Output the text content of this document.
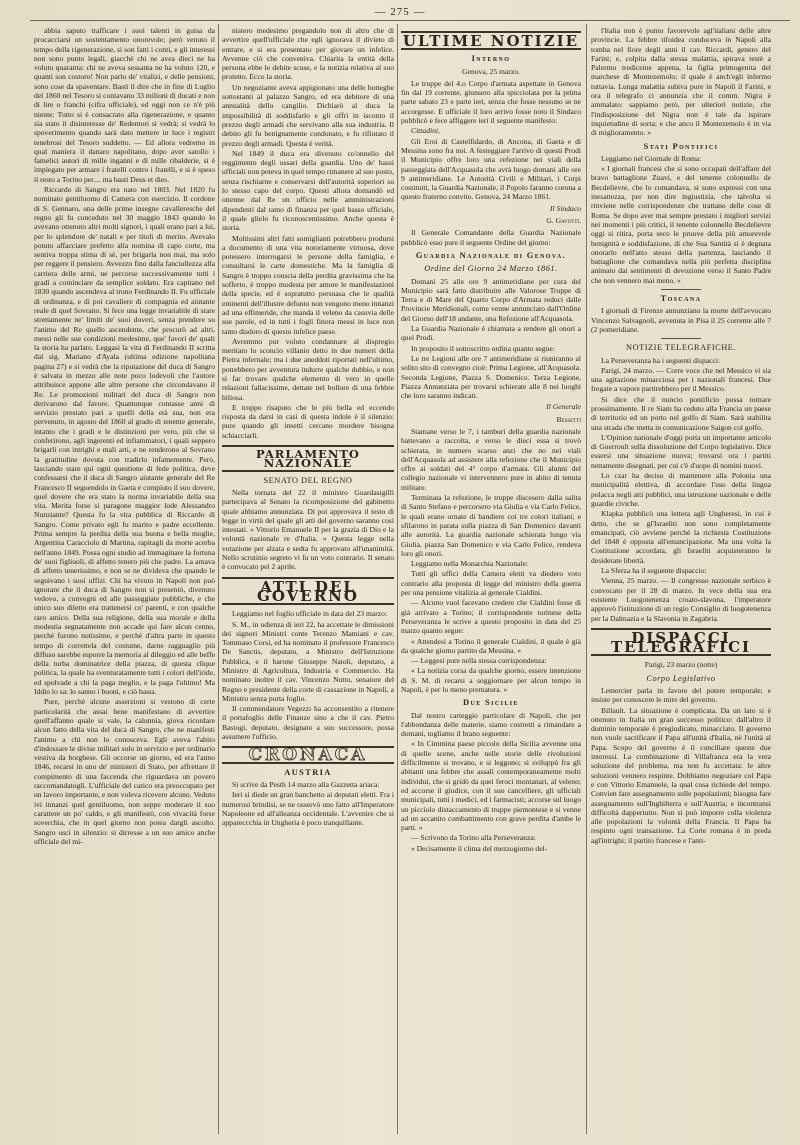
— 275 —

abbia saputo trafficare i suoi talenti in guisa da procacciarsi un sostentamento onorevole; però venuto il tempo della rigenerazione, si son fatti i conti, e gli interessi non sono punto legali, giacchè chi ne avea dieci ne ha voluto quaranta: chi ne aveva sessanta ne ha voluto 120, e quanti son costoro! Non parlo de' vitalizi, e delle pensioni, sono cose da spaventare. Basti il dire che in fine di Luglio del 1860 nel Tesoro si contavano 33 milioni di ducati e non di lire o franchi (cifra ufficiale), ed oggi non ce n'è più niente: Tutto si è consacrato alla rigenerazione, e quanto sia stato il disinteresse de' Redentori si vedrà; si vedrà lo spoverimento quando sarà dato mettere in luce i registri tenebrosi del Tesoro suddetto. — Ed allora vedremo in qual maniera il danaro napolitano, dopo aver satollo i famelici autori di mille inganni e di mille ribalderie, si è impiegato per armare i fratelli contro i fratelli, e si è speso il resto a Torino per.... ma basti Deus et dies.

Riccardo di Sangro era nato nel 1803. Nel 1820 fu nominato gentiluomo di Camera con esercizio. Il cordone di S. Gennaro, una delle prime insegne cavalleresche del regno gli fu conceduto nel 30 maggio 1843 quando lo avevano ottenuto altri molti signori, i quali erano pari a lui, per lo splendore de' natali e per titoli di merito. Avevalo potuto affacciare prefetto alla nomina di capo corte, ma sentiva troppa stima di sè, per brigarla non mai, ma solo per reggere il pensiero. Avvezzo fino dalla fanciullezza alla carriera delle armi, ne percorse successivamente tutti i gradi a cominciare da semplice soldato. Era capitano nel 1830 quando ascendeva al trono Ferdinando II. Fu ufficiale di ordinanza, e di poi cavaliere di compagnia ed aiutante reale di quel Sovrano. Si fece una legge invariabile di stare strettamente ne' limiti de' suoi doveri, senza prendere su l'animo del Re quello ascendente, che procurò ad altri, messi nelle sue condizioni medesime, que' favori de' quali la storia ha parlato. Leggasi la vita di Ferdinando II scritta dal sig. Mariano d'Ayala (ultima edizione napolitana pagina 27) e si vedrà che la riputazione del duca di Sangro è salvata in mezzo alle note poco lodevoli che l'autore attribuisce appone alle altre persone che circondavano il Re. Le promozioni militari del duca di Sangro non derivarono dal favore. Quantunque contasse anni di servizio prestato pari a quelli della età sua, non era pervenuto, in agosto del 1860 al grado di tenente generale, intanto che i gradi e le distinzioni per vero, più che si conferirono, agli ingerenti ed infiammatori, i quali seppero brigarli con intrighi e mali arti, e ne renderono al Sovrano la gratitudine dovuta con tradirlo infamemente. Però, lasciando stare qui ogni questione di fede politica, deve confessarsi che il duca di Sangro aiutante generale del Re Francesco II seguendolo in Gaeta e compiuto il suo dovere, quel dovere che era stato la norma invariabile della sua vita. Merita forse si paragone maggior lode Alessandro Nunziante? Questa fu la vita pubblica di Riccardo di Sangro. Come privato egli fu marito e padre eccellente. Prima sempre la perdita della sua buona e bella moglie, Argentina Caracciolo di Martina, rapitagli da morte acerba nell'anno 1849. Possa ogni studio ad immaginare la fortuna de' suoi figliuoli, di affetto tenero più che padre. La amava di affetto tenerissimo, e non se ne divideva che quando le seguivano i suoi uffizi. Chi ha vivuto in Napoli non può ignorare che il duca di Sangro non si presentò, divenuto vedovo, a convegni ed alle passeggiate pubbliche, e che unico suo diletto era trattenersi co' parenti, e con qualche raro amico. Della sua religione, della sua morale e della modestia segnatamente non accade qui fare alcun cenno, perchè furono notissime, e perchè d'altra parte in questo tempo di correttela del costume, darne ragguaglio più diffuso sarebbe esporre la memoria al dileggio ed alle beffe della turba dominatrice della piazza, di questa clique politica, la quale ha sventuratamente tutti i colori dell'iride, ed spolvade a chi la paga meglio, e la paga l'ultimo! Ma Iddio lo sa: lo sanno i buoni, e ciò basta.

Pure, perchè alcune asserzioni si vestono di certe particolarità che assai bene manifestano di avvertire quell'affanno quale si vale, la calunnia, giova ricordare alcun fatto della vita del duca di Sangro, che ne manifesti l'animo a chi non lo conosceva. Egli aveva l'abito d'indossare le divise militari solo in servizio e per ordinario vestiva da borghese. Gli occorse un giorno, ed era l'anno 1846, recarsi in uno de' ministeri di Stato, per affrettare il compimento di una faccenda che riguardava un povero raccomandatogli. L'ufficiale del carico era preoccupato per un lavoro importante, e non voleva ricevere alcuno. Veduto ivi innanzi quel gentiluomo, non seppe moderare il suo carattere un po' caldo, e gli manifestò, con vivacità forse soverchia, che in quel giorno non potea dargli ascolto. Sangro usci in silenzio: si dirresse a un suo amico anche ufficiale del mi-

nistero medesimo pregandolo non di altro che di avvertire quell'ufficiale che egli ignorava il divieto di entrare, e si era presentato per giovare un infelice. Avvenne ciò che conveniva. Chiarita la entità della persona ebbe le debite scuse, e la notizia relativa al suo protetto. Ecco la storia.

Un negoziante aveva appigionato una delle botteghe sottostanti al palazzo Sangro, ed era debitore di una annualità dello cangilio. Dichiarò al duca la impossibilità di soddisfarlo e gli offrì in isconto il prezzo degli armadi che servivano alla sua industria. Il debito gli fu benignamente condonato, e fu rifiutato il prezzo degli armadi. Questa è verità.

Nel 1849 il duca era divenuto co'onnello del reggimento degli ussari della guardia. Uno de' bassi ufficiali non poteva in quel tempo rimanere al suo posto, senza rischiarne e conservarsi dell'autorità superiori su lo stesso capo del corpo. Questi allora domandò ed ottenne dal Re un ufficio nelle amministrazioni dipendenti dal ramo di finanza per quel basso ufficiale, il quale glielo fu riconoscentissimo. Anche questa è storia.

Moltissimi altri fatti somiglianti potrebbero prodursi a documento di una vita notoriamente virtuosa, dove potessero interrogarsi le persone della famiglia, e consultarsi le carte domestiche. Ma la famiglia di Sangro è troppo conscia della perdita gravissima che ha sofferto, è troppo modesta per amore le manifestazioni della specie, ed è sopratutto persuasa che le qualità eminenti dell'illustre defunto non vengono meno innanzi ad una effimeride, che manda il veleno da casuvia delle sue parole, ed in tutti i fogli finora messi in luce non tanto disdoro di questo infelice paese.

Avremmo pur voluto condannare al dispregio meritato lo sconcio villanio detto in due numeri della Pietra infernale; ma i due aneddoti riportati nell'ultimo, potrebbero per avventura indurre qualche dubbio, e non si far trovare qualche elemento di vero in quelle relazioni fallacissime, dettate nel bollore di una febbre biliosa.

E troppo risaputo che le più bella ed eccendo risposta da darsi in casi di questa indole è il silenzio: pure quando gli insetti cercano mordere bisogna schiacciarli.

PARLAMENTO NAZIONALE
SENATO DEL REGNO

Nella tornata del 22 il ministro Guardasigilli partecipava al Senato la ricomposizione del gabinetto quale abbiamo annunziata. Di poi approvava il testo di legge in virtù del quale gli atti del governo saranno così intestati. « Vittorio Emanuele II per la grazia di Dio e la volontà nazionale re d'Italia. » Questa legge nella votazione per alzata e sedta fu approvato all'unanimità. Nello scrutinio segreto vi fu un voto contrario. Il senato è convocato pel 2 aprile.

ATTI DEL GOVERNO

Leggiamo nel foglio ufficiale in data del 23 marzo:

S. M., in udienza di ieri 22, ha accettate le dimissioni dei signori Ministri conte Terenzo Mamiani e cav. Tommaso Corsi, ed ha nominato il professore Francesco De Sanctis, deputato, a Ministro dell'Istruzione Pubblica, e il barone Giuseppe Natoli, deputato, a Ministro di Agricoltura, Industria e Commercio. Ha nominato inoltre il cav. Vincenzo Nutto, senatore del Regno e presidente della corte di cassazione in Napoli, a Ministro senza porta foglio.

Il commendatore Vegezzi ha acconsentito a ritenere il portafoglio delle Finanze sino a che il cav. Pietro Bastogi, deputato, designato a suo successore, possa assumere l'ufficio.

CRONACA
AUSTRIA

Si scrive da Pesth 14 marzo alla Gazzetta ariaca:

Ieri si diede un gran banchetto ai deputati eletti. Fra i numerosi brindisi, se ne osservò uno fatto all'Imperatore Napoleone ed all'alleanza occidentale. L'avvenire che si appareccchia in Ungheria è poco tranquillante.

ULTIME NOTIZIE
Interno
Genova, 25 marzo.

Le truppe del 4.o Corpo d'armata aspettate in Genova fin dal 19 corrente, giunsero alla spicciolata per la prima parte sabato 23 e parte ieri, senza che fosse nessuno se ne accorgesse. E ufficiale il loro arrivo fosse noto il Sindaco pubblicò e fece affiggere ieri il seguente manifesto:

Cittadini,

Gli Eroi di Castelfidardo, di Ancona, di Gaeta e di Messina sono fra noi. A festeggiare l'arrivo di questi Prodi il Municipio offre loro una refezione nei viali della passeggiata dell'Acquasola che avrà luogo domani alle ore 9 antimeridiane. Le Autorità Civili e Militari, i Corpi costituiti, la Guardia Nazionale, il Popolo faranno corona a questo fraterno convito. Genova, 24 Marzo 1861.

Il Sindaco
G. Gavotti.

Il Generale Comandante della Guardia Nazionale pubblicò esso pure il seguente Ordine del giorno:

Guardia Nazionale di Genova.
Ordine del Giorno 24 Marzo 1861.

Domani 25 alle ore 9 antimeridiane per cura del Municipio sarà fatto distribuire alle Valorose Truppe di Terra e di Mare del Quarto Corpo d'Armata reduci dalle Provincie Meridionali, come venne annunciato dall'Ordine del Giorno dell'18 andante, una Refezione all'Acquasola.

La Guardia Nazionale è chiamata a rendere gli onori a quei Prodi.

In proposito il sottoscritto ordina quanto segue:

Le tre Legioni alle ore 7 antimeridiane si riuniranno al solito sito di convegno cioè: Prima Legione, all'Acquasola. Seconda Legione, Piazza S. Domenico. Terza Legione, Piazza Annunziata per trovarsi schierate alle 8 nei luoghi che loro saranno indicati.

Il Generale
Bessetti

Stamane verso le 7, i tamburi della guardia nazionale battevano a raccolta, e verso le dieci essa si trovò schierata, in numero scarso anzi che no nei viali dell'Acquasola ad assistere alla refezione che il Municipio offre ai soldati del 4° corpo d'armata. Gli alunni del collegio nazionale vi intervennero pure in abito di tenuta militare.

Terminata la refezione, le truppe discesero dalla salita di Santo Stefano e percorsero via Giulia e via Carlo Felice, le quali erano ornate di bandiere coi tre colori italiani; e sfilarono in parata sulla piazza di San Domenico davanti alle autorità. La guardia nazionale schierata lungo via Giulia, piazza San Domenico e via Carlo Felice, rendeva loro gli onori.

Leggiamo nella Monarchia Nazionale:

Tutti gli uffici della Camera eletti va diedero voto contrario alla proposta di legge del ministro della guerra per una pensione vitalizia al generale Cialdini.

— Alcuno vuol facevano credere che Cialdini fosse di già arrivato a Torino; il corrispondente torinese della Perseveranza le scrive a questo proposito in data del 25 marzo quanto segue:

« Attendesi a Torino il generale Cialdini, il quale è già da qualche giorno partito da Messina. »

— Leggesi pure nella stessa corrispondenza:

« La notizia corsa da qualche giorno, essere intenzione di S. M. di recarsi a soggiornare per alcun tempo in Napoli, è per lo meno prematura. »

Due Sicilie

Dal nostro carteggio particolare di Napoli, che per l'abbondanza delle materie, siamo costretti a rimandare a domani, togliamo il brano seguente:

« In Cimmina paese piccolo della Sicilia avvenne una di quelle scene, anche nelle storie delle rivoluzioni difficilmente si trovano, e si leggono; si sviluppò fra gli abitanti una febbre che assalì contemporaneamente molti individui, che si gridò da quei feroci montanari, al veleno; ed accorse il giudice, con il suo cancelliere, gli ufficiali municipali, tutti i medici, ed i farmacisti; accorse sul luogo un picciolo distaccamento di truppe piemontese e si venne ad un accanito combattimento con grave perdita d'ambe le parti. »

— Scrivono da Torino alla Perseveranza:

« Decisamente il clima del mezzogiorno del-

l'Italia non è punto favorevole agl'italiani delle altre provincie. La febbre tifoidea conduceva in Napoli alla tomba nel fiore degli anni il cav. Riccardi, genero del Farini; e, colpita dalla stessa malattia, spirava testè a Palermo trediceine appena, la figlia primogenita del marchese di Montezemolo; il quale è anch'egli infermo tuttavia. Lunga malattia subiva pure in Napoli il Farini, e ora il telegrafo ci annunzia che il comm. Nigra è ammalato: sappiamo però, per ulteriori notizie, che l'indisposizione del Nigra non è tale da ispirare inquietudine di sorta; e che anco il Montezemolo è in via di miglioramento. »

Stati Pontifici

Leggiamo nel Giornale di Roma:

« I giornali francesi che si sono occupati dell'affare del bravo battaglione Zuavi, e del tenente colonnello de Becdelievre, che lo comandava, si sono espressi con una inesattezza, per non dire ingiustizia, che talvolta si rinviene nelle corrispondenze che trattano delle cose di Roma. Se dopo aver mai sempre prestato i migliori servizi nei momenti i più critici, il tenente colonnello Becdelievre oggi si ritira, porta seco le pruove della più amorevole benignità e soddisfazione, di che Sua Santità si è degnata onorarlo nell'atto stesso della partenza, lasciando il battaglione che comandava nella più perfetta disciplina animato dai sentimenti di devozione verso il Santo Padre che non vennero mai meno. »

Toscana

I giornali di Firenze annunziano la morte dell'avvocato Vincenzo Salvagnoli, avvenuta in Pisa il 25 corrente alle 7 (2 pomeridiane.

NOTIZIE TELEGRAFICHE.

La Perseveranza ha i seguenti dispacci:

Parigi, 24 marzo. — Corre voce che nel Messico vi sia una agitazione minacciosa per i nazionali francesi. Due fregate a vapore partirebbero per il Messico.

Si dice che il nuncio pontificio possa tornare prossimamente. Il re Siam ha ceduto alla Francia un paese di territorio ed un porto nel golfo di Siam. Sarà stabilita una strada che metta in comunicazione Saigon col golfo.

L'Opinion nationale d'oggi porta un importante articolo di Guerroult sulla dissoluzione del Corpo legislativo. Dice essersi una situazione nuova; trovarsi ora i partiti nettamente disegnati, per cui c'è d'uopo di nomini nuovi.

Lo czar ha deciso di mantenere alla Polonia una municipalità elettiva, di accordare l'uso della lingua polacca negli atti pubblici, una istruzione nazionale e delle guardie civiche.

Klapka pubblicò una lettera agli Ungheresi, in cui è detto, che se gl'Israeliti non sono completamente emancipati, ciò avviene perchè la richiesta Costituzione del 1848 è opposta all'emancipazione. Ma una volta la Costituzione accordata, gli Israeliti acquisteranno le desiderate libertà.

La Sferza ha il seguente dispaccio:

Vienna, 25 marzo. — Il congresso nazionale serbico è convocato per il 28 di marzo. In vece della sua era esistente Luogotenenza croato-slavona, l'imperatore approvò l'istituzione di un regio Consiglio di luogotenenza per la Dalmazia e la Slavonia in Zagabria.

DISPACCI TELEGRAFICI
Parigi, 23 marzo (notte)
Corpo Legislativo

Lemercier parla in favore del potere temporale; e insiste per conoscere le mire del governo.

Billault. La situazione è complicata. Da un lato si è ottenuto in Italia un gran successo politico: dall'altro il dominio temporale è pregiudicato, minacciato. Il governo non vuole sacrificare il Papa all'unità d'Italia, nè l'unità al Papa. Scopo del governo è il conciliare queste due interessi. La combinazione di Villafranca era la vera soluzione del problema, ma non fu accettata: le altre soluzioni vennero respinte. Dobbiamo negoziare col Papa e con Vittorio Emanuele, la qual cosa richiede del tempo. Convien fare assegnamento sulle popolazioni; bisogna fare assegnamento sull'Inghilterra e sull'Austria; e incontransi difficoltà dappertutto. Non si può imporre colla violenza alle popolazioni la volontà della Francia. Il Papa ha respinto ogni transazione. La Corte romana è in preda agl'intrighi; il partito francese e l'anti-
